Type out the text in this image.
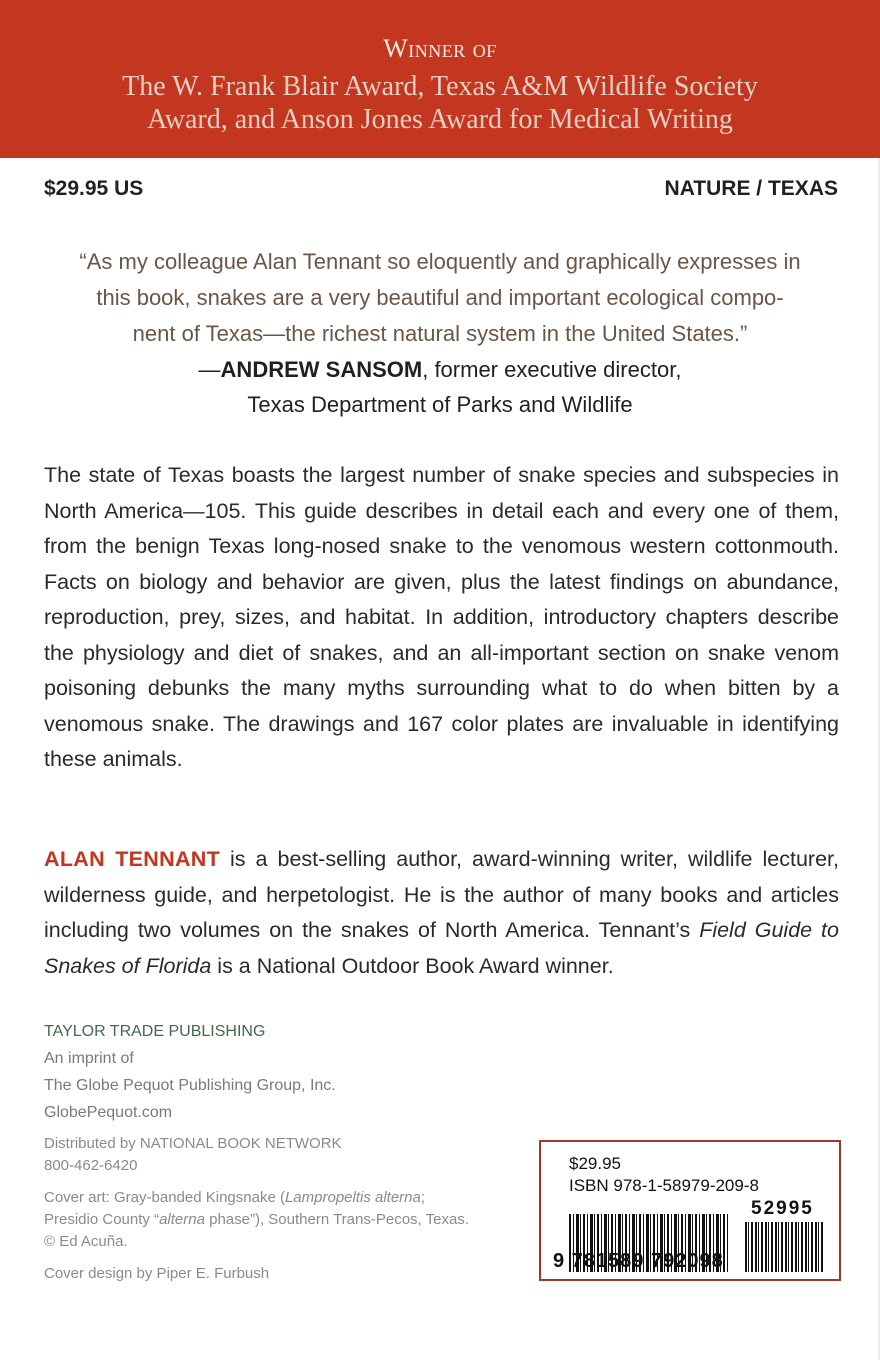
Winner of
The W. Frank Blair Award, Texas A&M Wildlife Society
Award, and Anson Jones Award for Medical Writing
$29.95 US	NATURE / TEXAS
“As my colleague Alan Tennant so eloquently and graphically expresses in
this book, snakes are a very beautiful and important ecological compo-
nent of Texas—the richest natural system in the United States.”
—ANDREW SANSOM, former executive director,
Texas Department of Parks and Wildlife
The state of Texas boasts the largest number of snake species and subspecies in North America—105. This guide describes in detail each and every one of them, from the benign Texas long-nosed snake to the venomous western cottonmouth. Facts on biology and behavior are given, plus the latest findings on abundance, reproduction, prey, sizes, and habitat. In addition, introductory chapters describe the physiology and diet of snakes, and an all-important section on snake venom poisoning debunks the many myths surrounding what to do when bitten by a venomous snake. The drawings and 167 color plates are invaluable in identifying these animals.
ALAN TENNANT is a best-selling author, award-winning writer, wildlife lecturer, wilderness guide, and herpetologist. He is the author of many books and articles including two volumes on the snakes of North America. Tennant’s Field Guide to Snakes of Florida is a National Outdoor Book Award winner.
TAYLOR TRADE PUBLISHING
An imprint of
The Globe Pequot Publishing Group, Inc.
GlobePequot.com
Distributed by NATIONAL BOOK NETWORK
800-462-6420
Cover art: Gray-banded Kingsnake (Lampropeltis alterna;
Presidio County “alterna phase”), Southern Trans-Pecos, Texas.
© Ed Acuña.
Cover design by Piper E. Furbush
$29.95
ISBN 978-1-58979-209-8
52995
9 781589 792098
